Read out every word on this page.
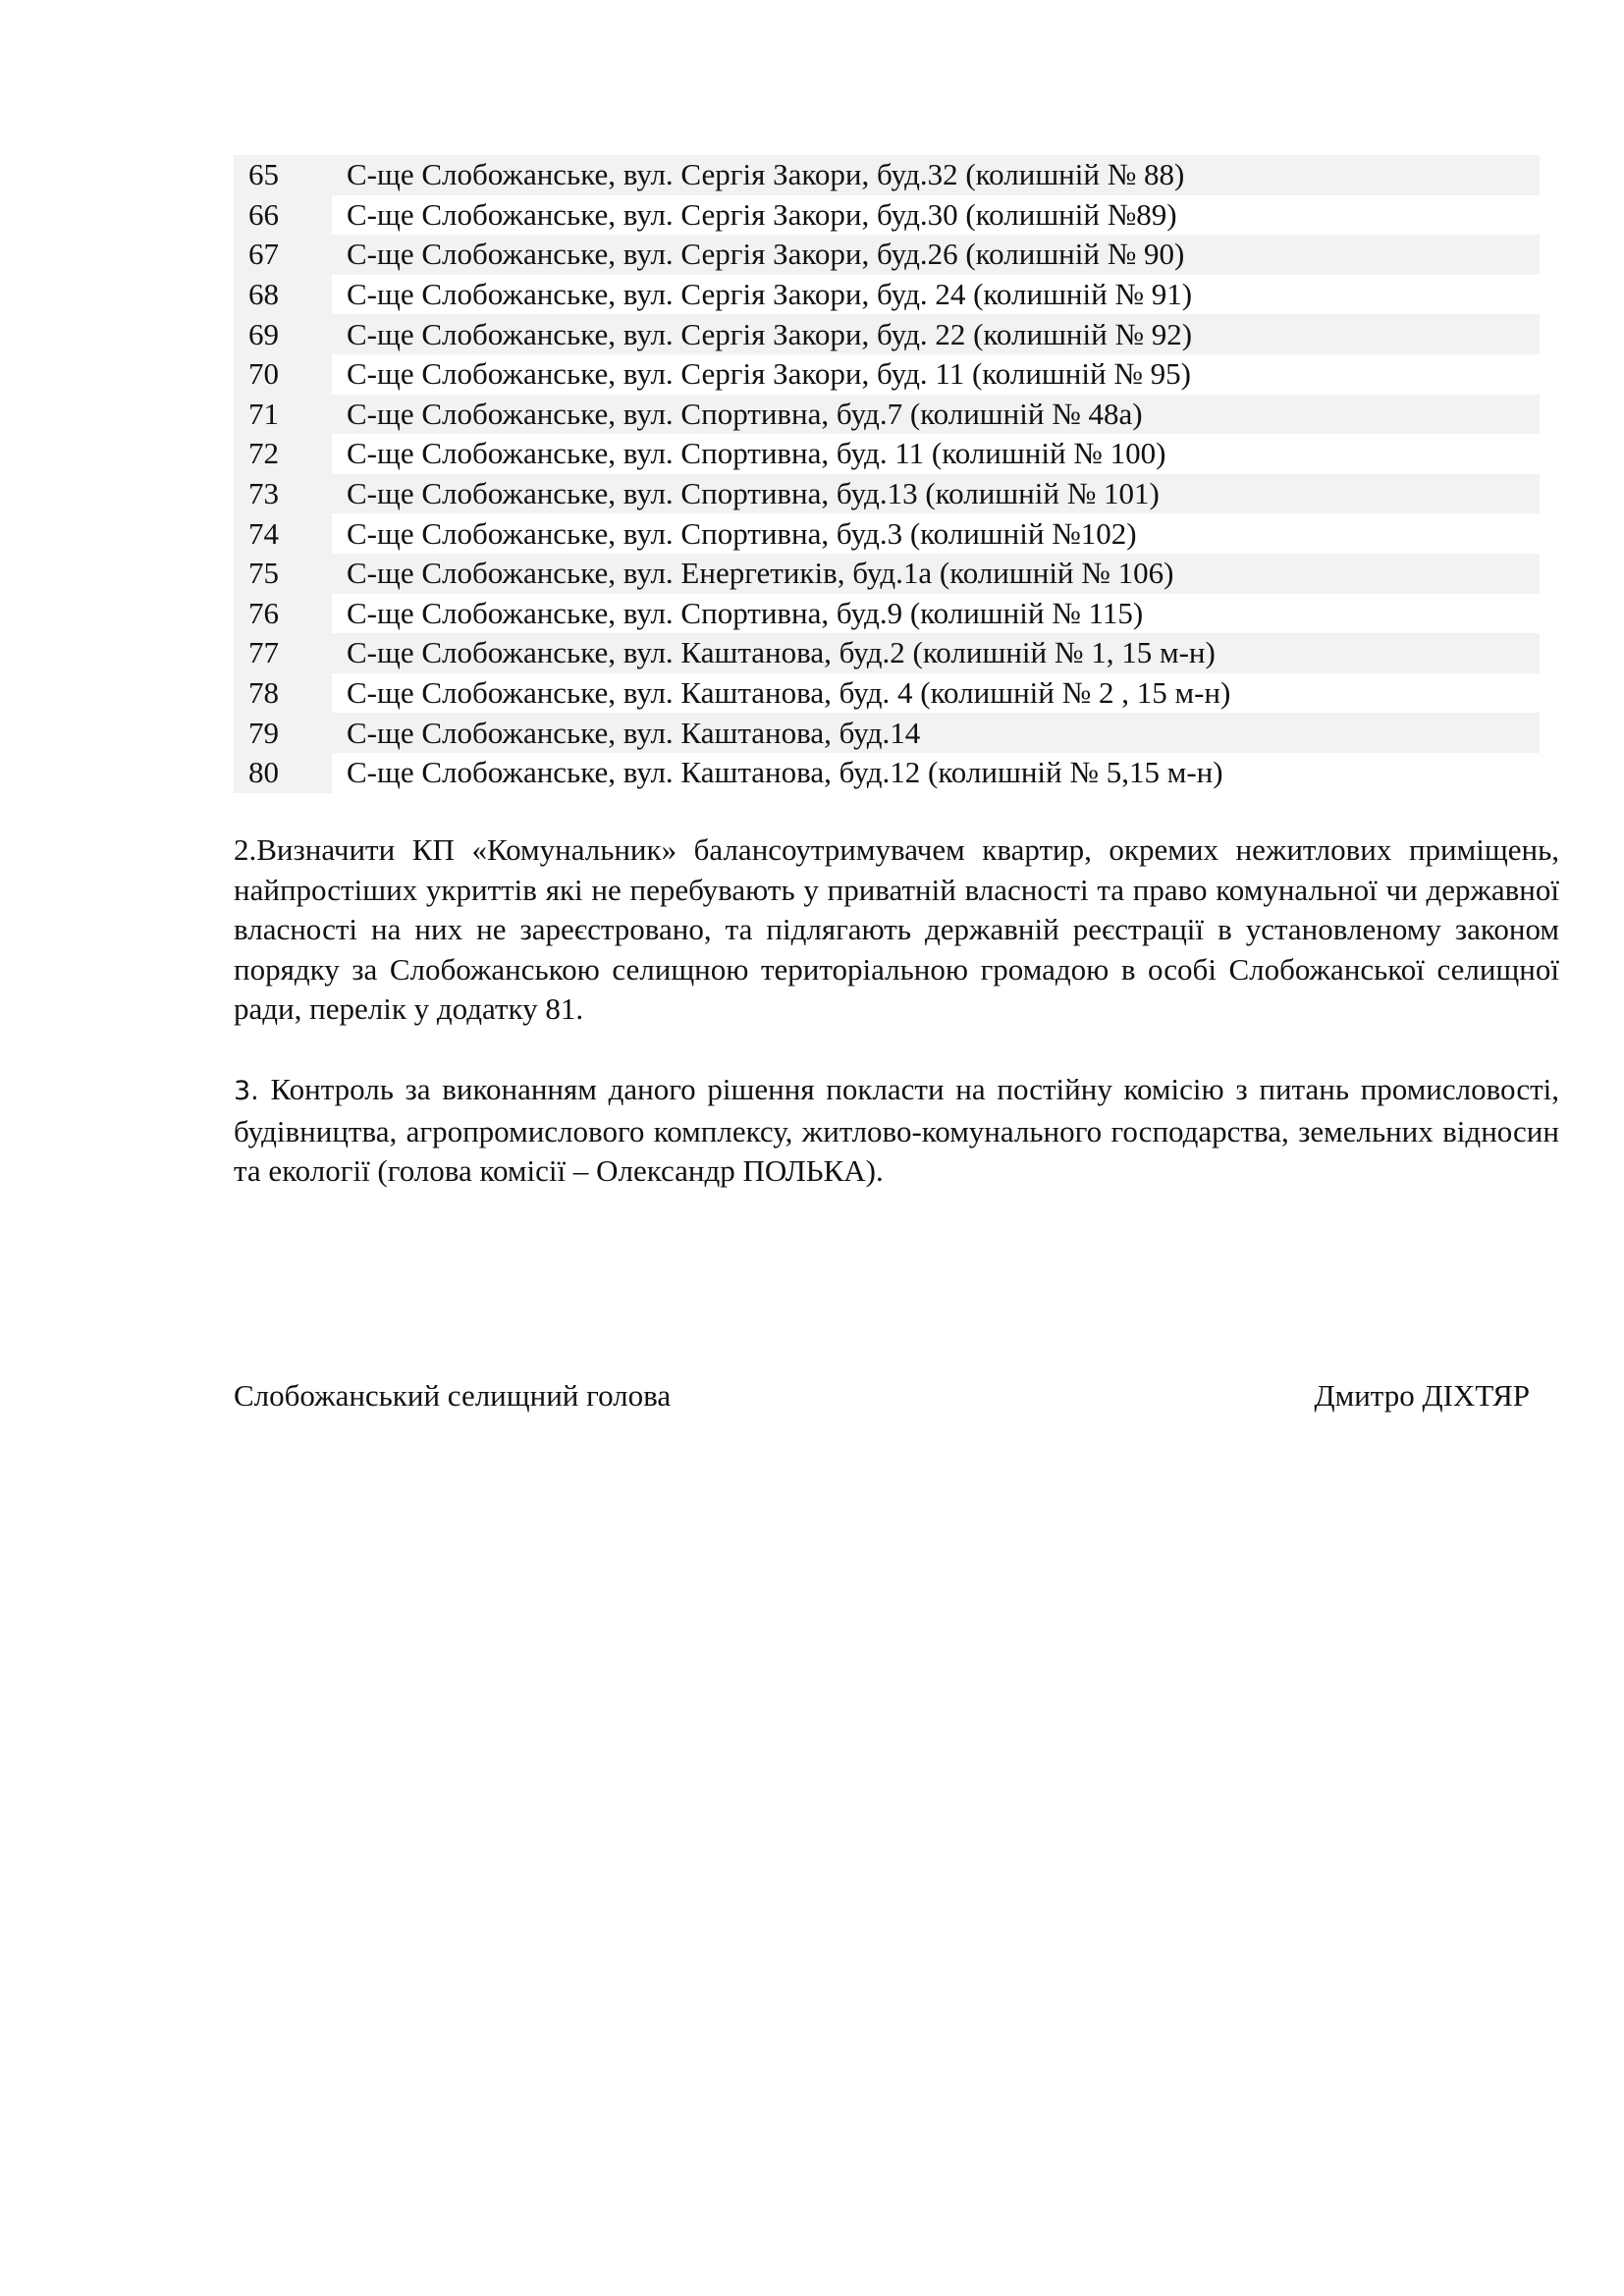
65	С-ще Слобожанське, вул. Сергія Закори, буд.32 (колишній № 88)
66	С-ще Слобожанське, вул. Сергія Закори, буд.30 (колишній №89)
67	С-ще Слобожанське, вул. Сергія Закори, буд.26 (колишній № 90)
68	С-ще Слобожанське, вул. Сергія Закори, буд. 24 (колишній № 91)
69	С-ще Слобожанське, вул. Сергія Закори, буд. 22 (колишній № 92)
70	С-ще Слобожанське, вул. Сергія Закори, буд. 11 (колишній № 95)
71	С-ще Слобожанське, вул. Спортивна, буд.7 (колишній № 48а)
72	С-ще Слобожанське, вул. Спортивна, буд. 11 (колишній № 100)
73	С-ще Слобожанське, вул. Спортивна, буд.13 (колишній № 101)
74	С-ще Слобожанське, вул. Спортивна, буд.3 (колишній №102)
75	С-ще Слобожанське, вул. Енергетиків, буд.1а (колишній № 106)
76	С-ще Слобожанське, вул. Спортивна, буд.9 (колишній № 115)
77	С-ще Слобожанське, вул. Каштанова, буд.2 (колишній № 1, 15 м-н)
78	С-ще Слобожанське, вул. Каштанова, буд. 4 (колишній № 2 , 15 м-н)
79	С-ще Слобожанське, вул. Каштанова, буд.14
80	С-ще Слобожанське, вул. Каштанова, буд.12 (колишній № 5,15 м-н)

2.Визначити КП «Комунальник» балансоутримувачем квартир, окремих нежитлових приміщень, найпростіших укриттів які не перебувають у приватній власності та право комунальної чи державної власності на них не зареєстровано, та підлягають державній реєстрації в установленому законом порядку за Слобожанською селищною територіальною громадою в особі Слобожанської селищної ради, перелік у додатку 81.

3. Контроль за виконанням даного рішення покласти на постійну комісію з питань промисловості, будівництва, агропромислового комплексу, житлово-комунального господарства, земельних відносин та екології (голова комісії – Олександр ПОЛЬКА).

Слобожанський селищний голова	Дмитро ДІХТЯР
